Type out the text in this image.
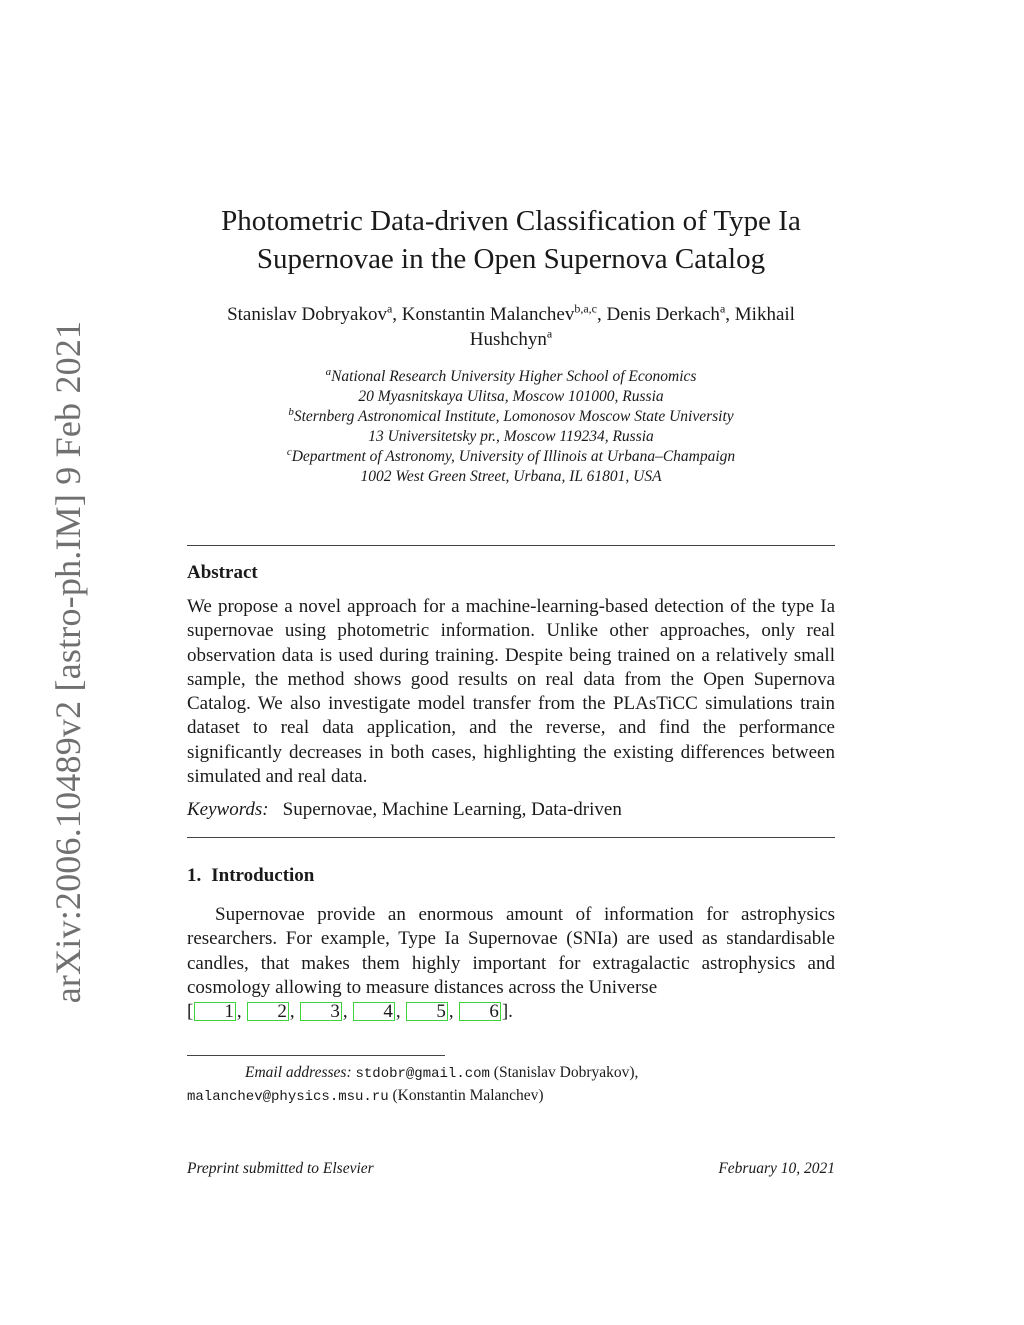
arXiv:2006.10489v2 [astro-ph.IM] 9 Feb 2021
Photometric Data-driven Classification of Type Ia
Supernovae in the Open Supernova Catalog
Stanislav Dobryakov$^a$, Konstantin Malanchev$^{b,a,c}$, Denis Derkach$^a$, Mikhail Hushchyn$^a$
$^a$National Research University Higher School of Economics
20 Myasnitskaya Ulitsa, Moscow 101000, Russia
$^b$Sternberg Astronomical Institute, Lomonosov Moscow State University
13 Universitetsky pr., Moscow 119234, Russia
$^c$Department of Astronomy, University of Illinois at Urbana–Champaign
1002 West Green Street, Urbana, IL 61801, USA
Abstract
We propose a novel approach for a machine-learning-based detection of the type Ia supernovae using photometric information. Unlike other approaches, only real observation data is used during training. Despite being trained on a relatively small sample, the method shows good results on real data from the Open Supernova Catalog. We also investigate model transfer from the PLAsTiCC simulations train dataset to real data application, and the reverse, and find the performance significantly decreases in both cases, highlighting the existing differences between simulated and real data.
Keywords: Supernovae, Machine Learning, Data-driven
1. Introduction
Supernovae provide an enormous amount of information for astrophysics researchers. For example, Type Ia Supernovae (SNIa) are used as standardisable candles, that makes them highly important for extragalactic astrophysics and cosmology allowing to measure distances across the Universe
[ 1 , 2 , 3 , 4 , 5 , 6 ].
Email addresses: stdobr@gmail.com (Stanislav Dobryakov),
malanchev@physics.msu.ru (Konstantin Malanchev)
Preprint submitted to Elsevier	February 10, 2021
